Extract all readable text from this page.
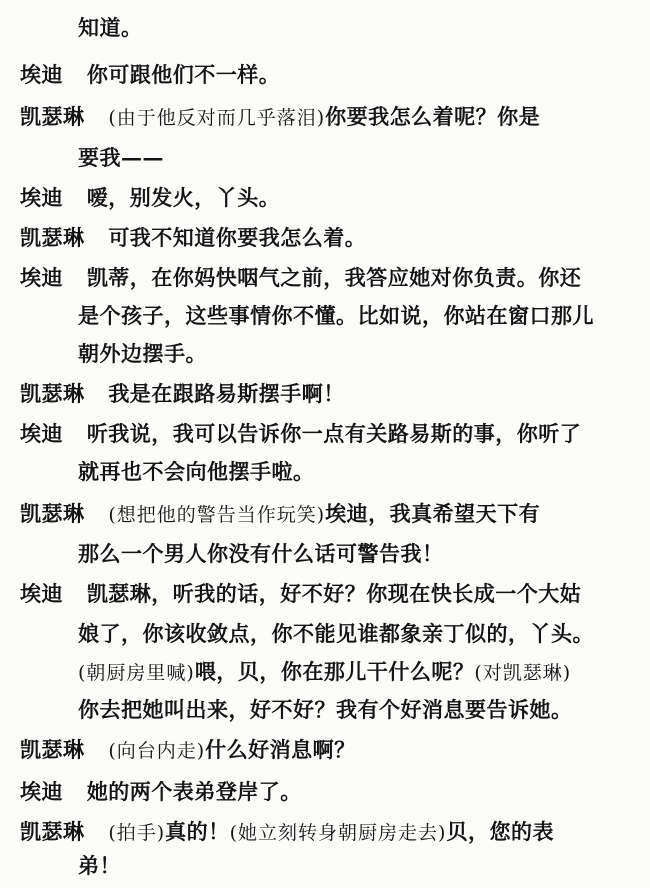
知道。
埃迪 你可跟他们不一样。
凯瑟琳 (由于他反对而几乎落泪)你要我怎么着呢？你是
要我——
埃迪 嗳，别发火，丫头。
凯瑟琳 可我不知道你要我怎么着。
埃迪 凯蒂，在你妈快咽气之前，我答应她对你负责。你还
是个孩子，这些事情你不懂。比如说，你站在窗口那儿
朝外边摆手。
凯瑟琳 我是在跟路易斯摆手啊！
埃迪 听我说，我可以告诉你一点有关路易斯的事，你听了
就再也不会向他摆手啦。
凯瑟琳 (想把他的警告当作玩笑)埃迪，我真希望天下有
那么一个男人你没有什么话可警告我！
埃迪 凯瑟琳，听我的话，好不好？你现在快长成一个大姑
娘了，你该收敛点，你不能见谁都象亲丁似的，丫头。
(朝厨房里喊)喂，贝，你在那儿干什么呢？(对凯瑟琳)
你去把她叫出来，好不好？我有个好消息要告诉她。
凯瑟琳 (向台内走)什么好消息啊？
埃迪 她的两个表弟登岸了。
凯瑟琳 (拍手)真的！(她立刻转身朝厨房走去)贝，您的表
弟！
